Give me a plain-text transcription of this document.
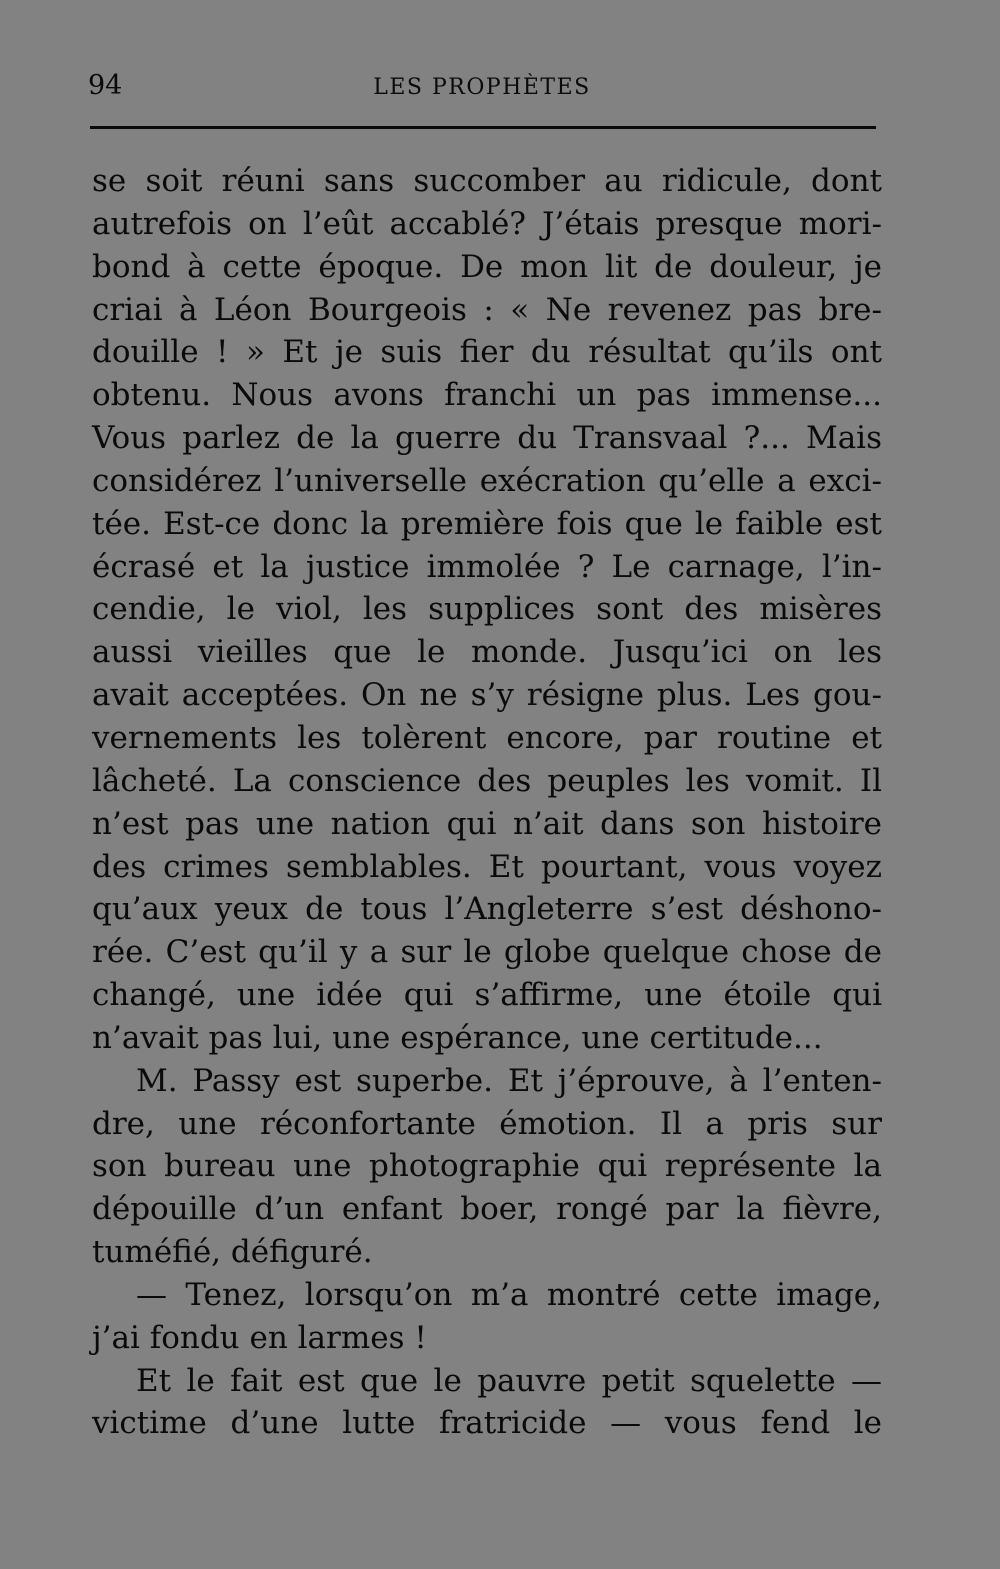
94	LES PROPHÈTES
se soit réuni sans succomber au ridicule, dont
autrefois on l’eût accablé? J’étais presque mori-
bond à cette époque. De mon lit de douleur, je
criai à Léon Bourgeois : « Ne revenez pas bre-
douille ! » Et je suis fier du résultat qu’ils ont
obtenu. Nous avons franchi un pas immense...
Vous parlez de la guerre du Transvaal ?... Mais
considérez l’universelle exécration qu’elle a exci-
tée. Est-ce donc la première fois que le faible est
écrasé et la justice immolée ? Le carnage, l’in-
cendie, le viol, les supplices sont des misères
aussi vieilles que le monde. Jusqu’ici on les
avait acceptées. On ne s’y résigne plus. Les gou-
vernements les tolèrent encore, par routine et
lâcheté. La conscience des peuples les vomit. Il
n’est pas une nation qui n’ait dans son histoire
des crimes semblables. Et pourtant, vous voyez
qu’aux yeux de tous l’Angleterre s’est déshono-
rée. C’est qu’il y a sur le globe quelque chose de
changé, une idée qui s’affirme, une étoile qui
n’avait pas lui, une espérance, une certitude...
M. Passy est superbe. Et j’éprouve, à l’enten-
dre, une réconfortante émotion. Il a pris sur
son bureau une photographie qui représente la
dépouille d’un enfant boer, rongé par la fièvre,
tuméfié, défiguré.
— Tenez, lorsqu’on m’a montré cette image,
j’ai fondu en larmes !
Et le fait est que le pauvre petit squelette —
victime d’une lutte fratricide — vous fend le
